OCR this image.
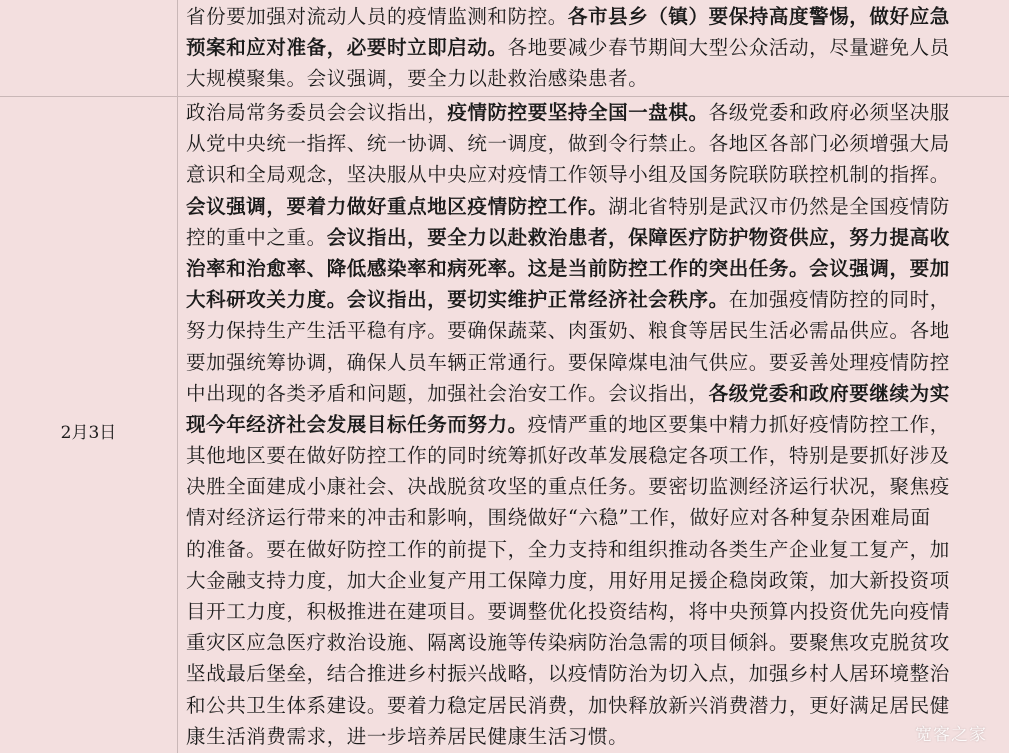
省份要加强对流动人员的疫情监测和防控。各市县乡（镇）要保持高度警惕，做好应急
预案和应对准备，必要时立即启动。各地要减少春节期间大型公众活动，尽量避免人员
大规模聚集。会议强调，要全力以赴救治感染患者。
2月3日
政治局常务委员会会议指出，疫情防控要坚持全国一盘棋。各级党委和政府必须坚决服
从党中央统一指挥、统一协调、统一调度，做到令行禁止。各地区各部门必须增强大局
意识和全局观念，坚决服从中央应对疫情工作领导小组及国务院联防联控机制的指挥。
会议强调，要着力做好重点地区疫情防控工作。湖北省特别是武汉市仍然是全国疫情防
控的重中之重。会议指出，要全力以赴救治患者，保障医疗防护物资供应，努力提高收
治率和治愈率、降低感染率和病死率。这是当前防控工作的突出任务。会议强调，要加
大科研攻关力度。会议指出，要切实维护正常经济社会秩序。在加强疫情防控的同时，
努力保持生产生活平稳有序。要确保蔬菜、肉蛋奶、粮食等居民生活必需品供应。各地
要加强统筹协调，确保人员车辆正常通行。要保障煤电油气供应。要妥善处理疫情防控
中出现的各类矛盾和问题，加强社会治安工作。会议指出，各级党委和政府要继续为实
现今年经济社会发展目标任务而努力。疫情严重的地区要集中精力抓好疫情防控工作，
其他地区要在做好防控工作的同时统筹抓好改革发展稳定各项工作，特别是要抓好涉及
决胜全面建成小康社会、决战脱贫攻坚的重点任务。要密切监测经济运行状况，聚焦疫
情对经济运行带来的冲击和影响，围绕做好“六稳”工作，做好应对各种复杂困难局面
的准备。要在做好防控工作的前提下，全力支持和组织推动各类生产企业复工复产，加
大金融支持力度，加大企业复产用工保障力度，用好用足援企稳岗政策，加大新投资项
目开工力度，积极推进在建项目。要调整优化投资结构，将中央预算内投资优先向疫情
重灾区应急医疗救治设施、隔离设施等传染病防治急需的项目倾斜。要聚焦攻克脱贫攻
坚战最后堡垒，结合推进乡村振兴战略，以疫情防治为切入点，加强乡村人居环境整治
和公共卫生体系建设。要着力稳定居民消费，加快释放新兴消费潜力，更好满足居民健
康生活消费需求，进一步培养居民健康生活习惯。	宽客之家
